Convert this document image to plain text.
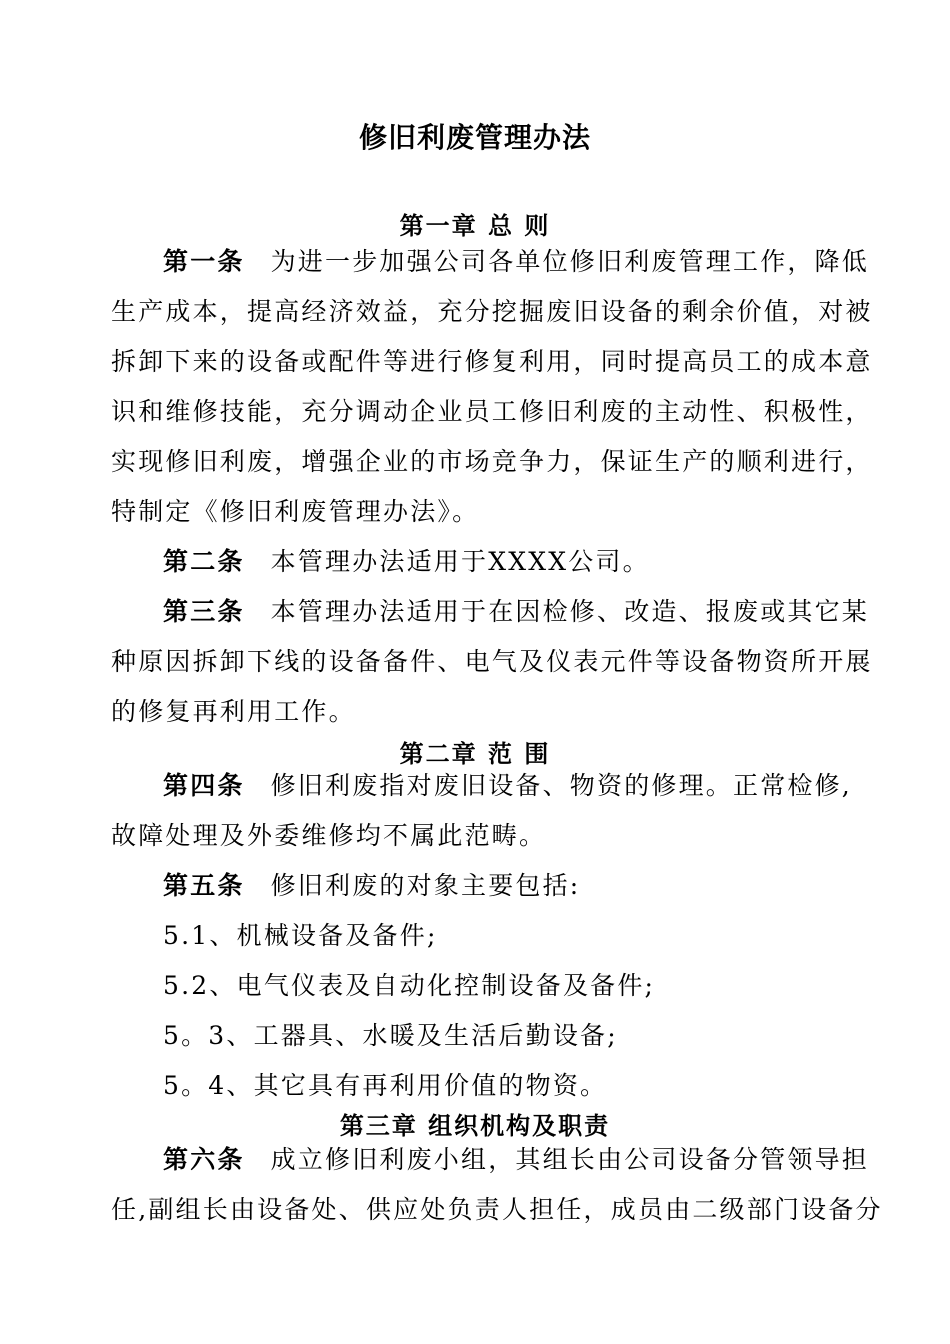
修旧利废管理办法
第一章 总 则
第一条 为进一步加强公司各单位修旧利废管理工作，降低
生产成本，提高经济效益，充分挖掘废旧设备的剩余价值，对被
拆卸下来的设备或配件等进行修复利用，同时提高员工的成本意
识和维修技能，充分调动企业员工修旧利废的主动性、积极性，
实现修旧利废，增强企业的市场竞争力，保证生产的顺利进行，
特制定《修旧利废管理办法》。
第二条 本管理办法适用于XXXX公司。
第三条 本管理办法适用于在因检修、改造、报废或其它某
种原因拆卸下线的设备备件、电气及仪表元件等设备物资所开展
的修复再利用工作。
第二章 范 围
第四条 修旧利废指对废旧设备、物资的修理。正常检修,
故障处理及外委维修均不属此范畴。
第五条 修旧利废的对象主要包括:
5.1、机械设备及备件;
5.2、电气仪表及自动化控制设备及备件;
5。3、工器具、水暖及生活后勤设备;
5。4、其它具有再利用价值的物资。
第三章 组织机构及职责
第六条 成立修旧利废小组，其组长由公司设备分管领导担
任,副组长由设备处、供应处负责人担任，成员由二级部门设备分
